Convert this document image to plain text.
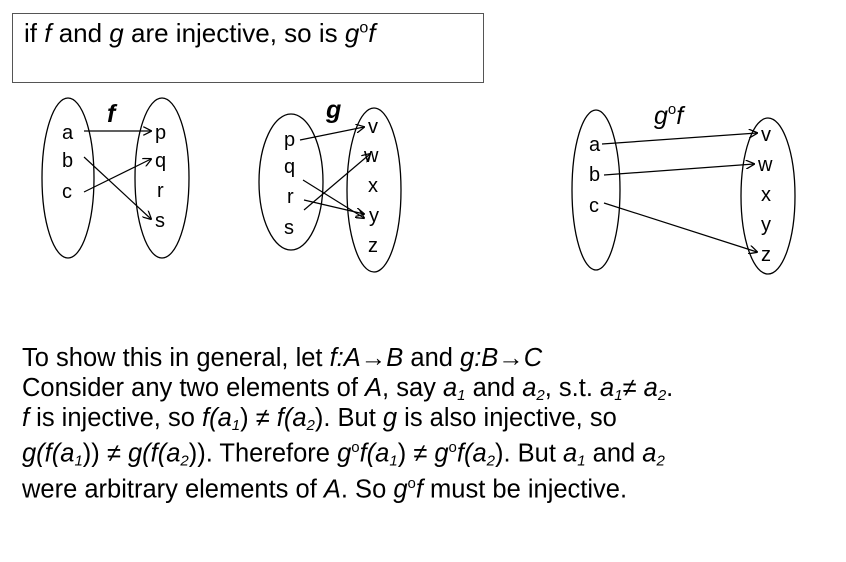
if f and g are injective, so is $g^of$
f
a
b
c
p
q
r
s
g
p
q
r
s
v
w
x
y
z
$g^of$
a
b
c
v
w
x
y
z
To show this in general, let f:A→B and g:B→C
Consider any two elements of A, say $a_1$ and $a_2$, s.t. $a_1\ne a_2$.
f is injective, so $f(a_1) \ne f(a_2)$. But g is also injective, so
$g(f(a_1)) \ne g(f(a_2))$. Therefore $g^of(a_1) \ne g^of(a_2)$. But $a_1$ and $a_2$
were arbitrary elements of A. So $g^of$ must be injective.
